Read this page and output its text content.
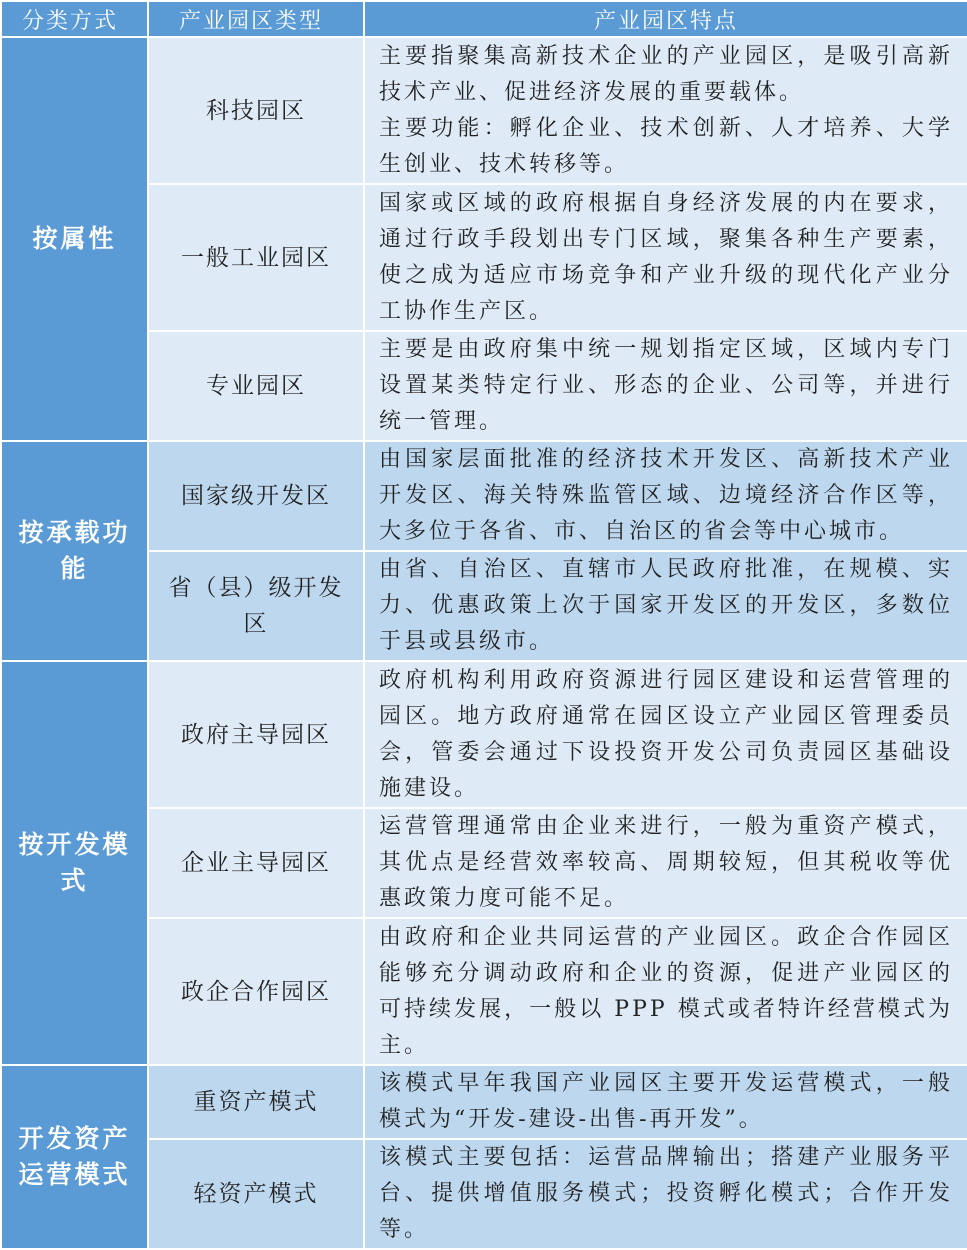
分类方式	产业园区类型	产业园区特点
按属性	科技园区	主要指聚集高新技术企业的产业园区，是吸引高新技术产业、促进经济发展的重要载体。
主要功能：孵化企业、技术创新、人才培养、大学生创业、技术转移等。

	一般工业园区	国家或区域的政府根据自身经济发展的内在要求，通过行政手段划出专门区域，聚集各种生产要素，使之成为适应市场竞争和产业升级的现代化产业分工协作生产区。

	专业园区	主要是由政府集中统一规划指定区域，区域内专门设置某类特定行业、形态的企业、公司等，并进行统一管理。

按承载功能	国家级开发区	由国家层面批准的经济技术开发区、高新技术产业开发区、海关特殊监管区域、边境经济合作区等，大多位于各省、市、自治区的省会等中心城市。

	省（县）级开发区	由省、自治区、直辖市人民政府批准，在规模、实力、优惠政策上次于国家开发区的开发区，多数位于县或县级市。

按开发模式	政府主导园区	政府机构利用政府资源进行园区建设和运营管理的园区。地方政府通常在园区设立产业园区管理委员会，管委会通过下设投资开发公司负责园区基础设施建设。

	企业主导园区	运营管理通常由企业来进行，一般为重资产模式，其优点是经营效率较高、周期较短，但其税收等优惠政策力度可能不足。

	政企合作园区	由政府和企业共同运营的产业园区。政企合作园区能够充分调动政府和企业的资源，促进产业园区的可持续发展，一般以 PPP 模式或者特许经营模式为主。

开发资产运营模式	重资产模式	该模式早年我国产业园区主要开发运营模式，一般模式为“开发-建设-出售-再开发”。

	轻资产模式	该模式主要包括：运营品牌输出；搭建产业服务平台、提供增值服务模式；投资孵化模式；合作开发等。
